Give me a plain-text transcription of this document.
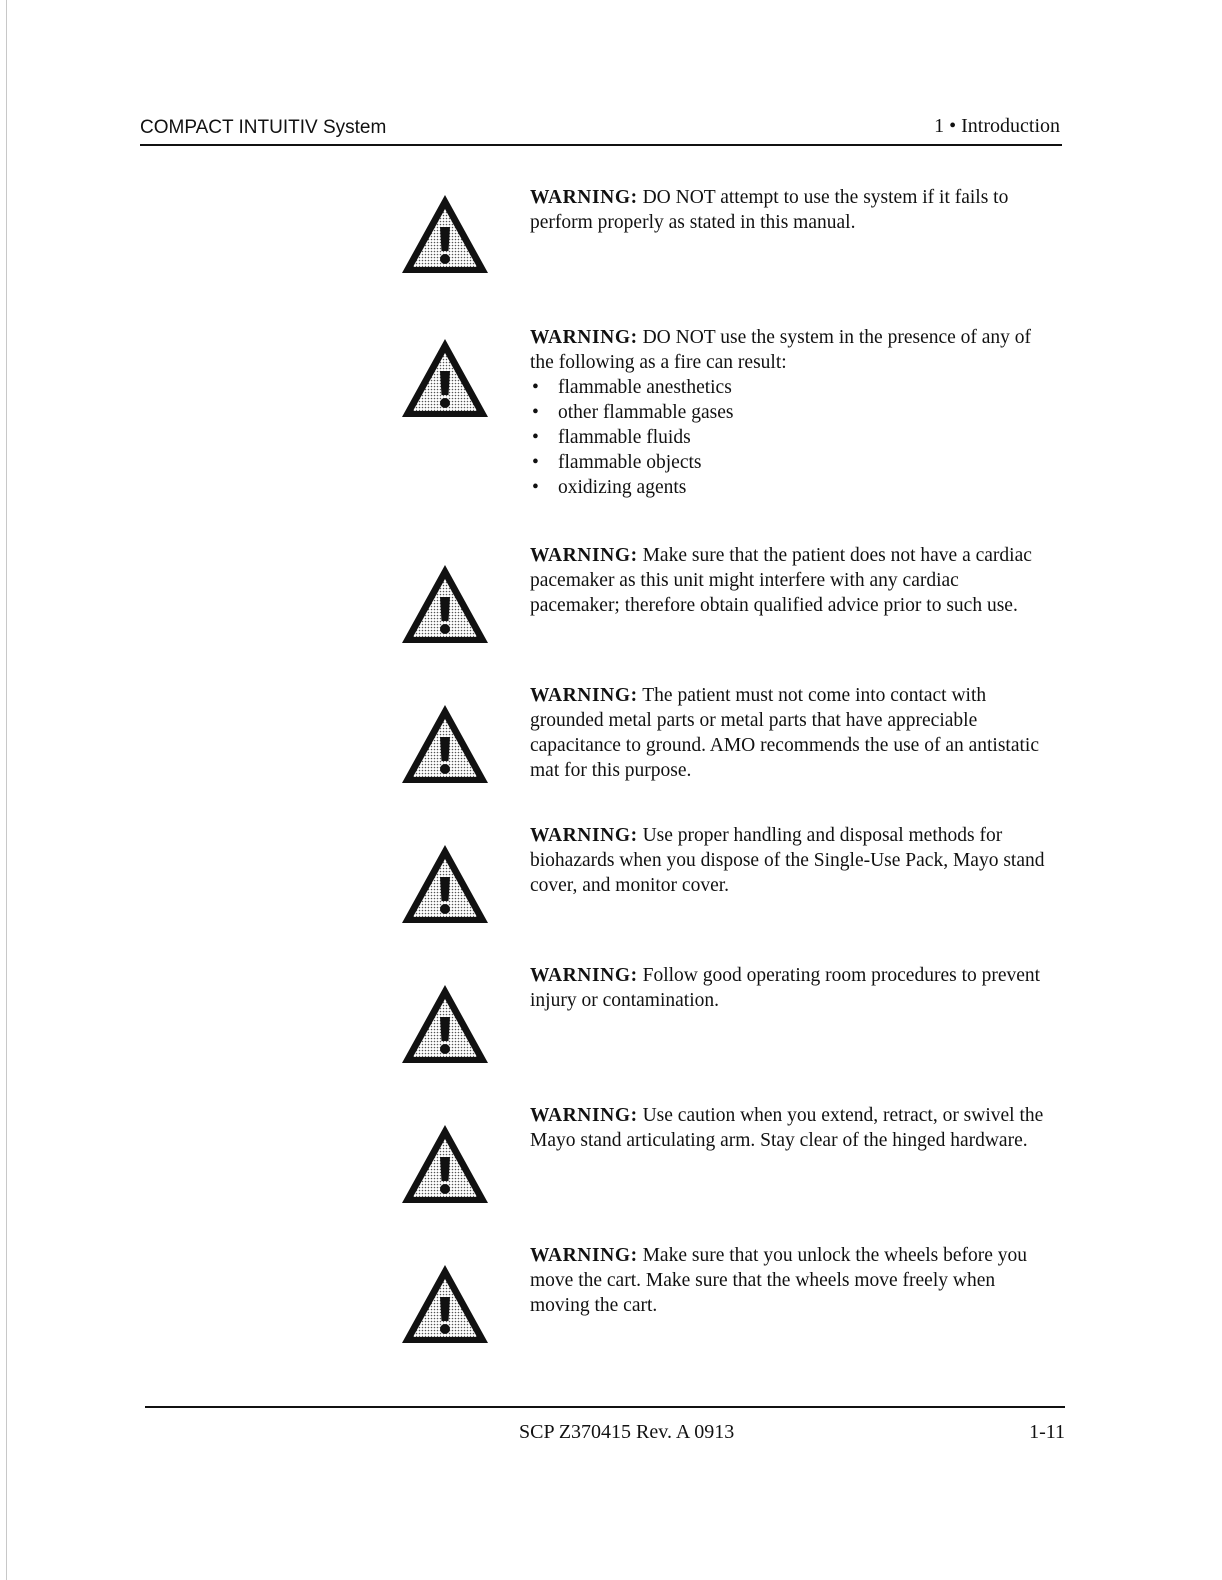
COMPACT INTUITIV System	1 • Introduction
WARNING: DO NOT attempt to use the system if it fails to perform properly as stated in this manual.
WARNING: DO NOT use the system in the presence of any of the following as a fire can result:
• flammable anesthetics
• other flammable gases
• flammable fluids
• flammable objects
• oxidizing agents
WARNING: Make sure that the patient does not have a cardiac pacemaker as this unit might interfere with any cardiac pacemaker; therefore obtain qualified advice prior to such use.
WARNING: The patient must not come into contact with grounded metal parts or metal parts that have appreciable capacitance to ground. AMO recommends the use of an antistatic mat for this purpose.
WARNING: Use proper handling and disposal methods for biohazards when you dispose of the Single-Use Pack, Mayo stand cover, and monitor cover.
WARNING: Follow good operating room procedures to prevent injury or contamination.
WARNING: Use caution when you extend, retract, or swivel the Mayo stand articulating arm. Stay clear of the hinged hardware.
WARNING: Make sure that you unlock the wheels before you move the cart. Make sure that the wheels move freely when moving the cart.
SCP Z370415 Rev. A 0913	1-11
